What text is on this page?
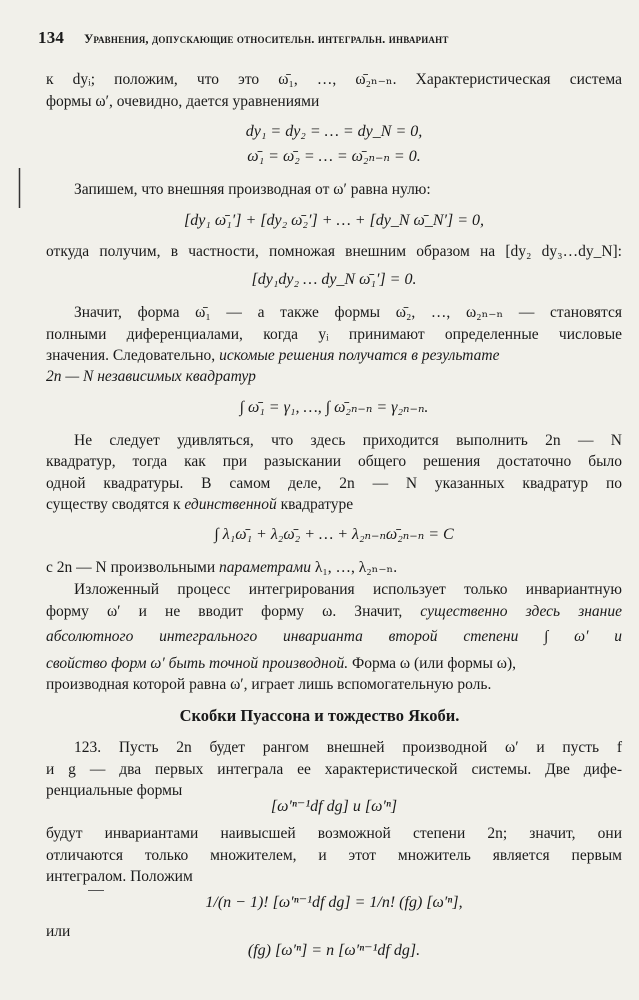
134 Уравнения, допускающие относительн. интегральн. инвариант
к dyᵢ; положим, что это ω̄₁, …, ω̄₂ₙ₋ₙ. Характеристическая система
формы ω′, очевидно, дается уравнениями
dy₁ = dy₂ = … = dy_N = 0,
ω̄₁ = ω̄₂ = … = ω̄₂ₙ₋ₙ = 0.
Запишем, что внешняя производная от ω′ равна нулю:
[dy₁ ω̄₁′] + [dy₂ ω̄₂′] + … + [dy_N ω̄_N′] = 0,
откуда получим, в частности, помножая внешним образом на [dy₂ dy₃…dy_N]:
[dy₁dy₂ … dy_N ω̄₁′] = 0.
Значит, форма ω̄₁ — а также формы ω̄₂, …, ω₂ₙ₋ₙ — становятся
полными диференциалами, когда yᵢ принимают определенные числовые
значения. Следовательно, искомые решения получатся в результате
2n — N независимых квадратур
∫ ω̄₁ = γ₁, …, ∫ ω̄₂ₙ₋ₙ = γ₂ₙ₋ₙ.
Не следует удивляться, что здесь приходится выполнить 2n — N
квадратур, тогда как при разыскании общего решения достаточно было
одной квадратуры. В самом деле, 2n — N указанных квадратур по
существу сводятся к единственной квадратуре
∫ λ₁ω̄₁ + λ₂ω̄₂ + … + λ₂ₙ₋ₙω̄₂ₙ₋ₙ = C
с 2n — N произвольными параметрами λ₁, …, λ₂ₙ₋ₙ.
Изложенный процесс интегрирования использует только инвариантную
форму ω′ и не вводит форму ω. Значит, существенно здесь знание
абсолютного интегрального инварианта второй степени ∫ ω′ и
свойство форм ω′ быть точной производной. Форма ω (или формы ω),
производная которой равна ω′, играет лишь вспомогательную роль.
Скобки Пуассона и тождество Якоби.
123. Пусть 2n будет рангом внешней производной ω′ и пусть f
и g — два первых интеграла ее характеристической системы. Две дифе-
ренциальные формы
[ω′ⁿ⁻¹df dg] и [ω′ⁿ]
будут инвариантами наивысшей возможной степени 2n; значит, они
отличаются только множителем, и этот множитель является первым
интегралом. Положим
1/(n − 1)! [ω′ⁿ⁻¹df dg] = 1/n! (fg) [ω′ⁿ],
или
(fg) [ω′ⁿ] = n [ω′ⁿ⁻¹df dg].
